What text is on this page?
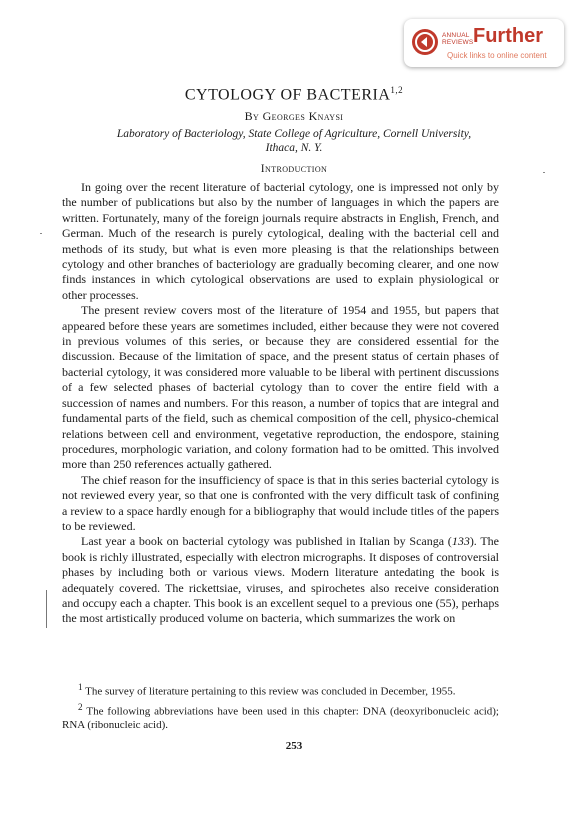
ANNUAL
REVIEWS Further
Quick links to online content
CYTOLOGY OF BACTERIA$^{1,2}$
By Georges Knaysi
Laboratory of Bacteriology, State College of Agriculture, Cornell University,
Ithaca, N. Y.
Introduction

In going over the recent literature of bacterial cytology, one is impressed not only by the number of publications but also by the number of languages in which the papers are written. Fortunately, many of the foreign journals require abstracts in English, French, and German. Much of the research is purely cytological, dealing with the bacterial cell and methods of its study, but what is even more pleasing is that the relationships between cytology and other branches of bacteriology are gradually becoming clearer, and one now finds instances in which cytological observations are used to explain physiological or other processes.

The present review covers most of the literature of 1954 and 1955, but papers that appeared before these years are sometimes included, either because they were not covered in previous volumes of this series, or because they are considered essential for the discussion. Because of the limitation of space, and the present status of certain phases of bacterial cytology, it was considered more valuable to be liberal with pertinent discussions of a few selected phases of bacterial cytology than to cover the entire field with a succession of names and numbers. For this reason, a number of topics that are integral and fundamental parts of the field, such as chemical composition of the cell, physico-chemical relations between cell and environment, vegetative reproduction, the endospore, staining procedures, morphologic variation, and colony formation had to be omitted. This involved more than 250 references actually gathered.

The chief reason for the insufficiency of space is that in this series bacterial cytology is not reviewed every year, so that one is confronted with the very difficult task of confining a review to a space hardly enough for a bibliography that would include titles of the papers to be reviewed.

Last year a book on bacterial cytology was published in Italian by Scanga (133). The book is richly illustrated, especially with electron micrographs. It disposes of controversial phases by including both or various views. Modern literature antedating the book is adequately covered. The rickettsiae, viruses, and spirochetes also receive consideration and occupy each a chapter. This book is an excellent sequel to a previous one (55), perhaps the most artistically produced volume on bacteria, which summarizes the work on

$^1$ The survey of literature pertaining to this review was concluded in December, 1955.

$^2$ The following abbreviations have been used in this chapter: DNA (deoxyribonucleic acid); RNA (ribonucleic acid).

253
